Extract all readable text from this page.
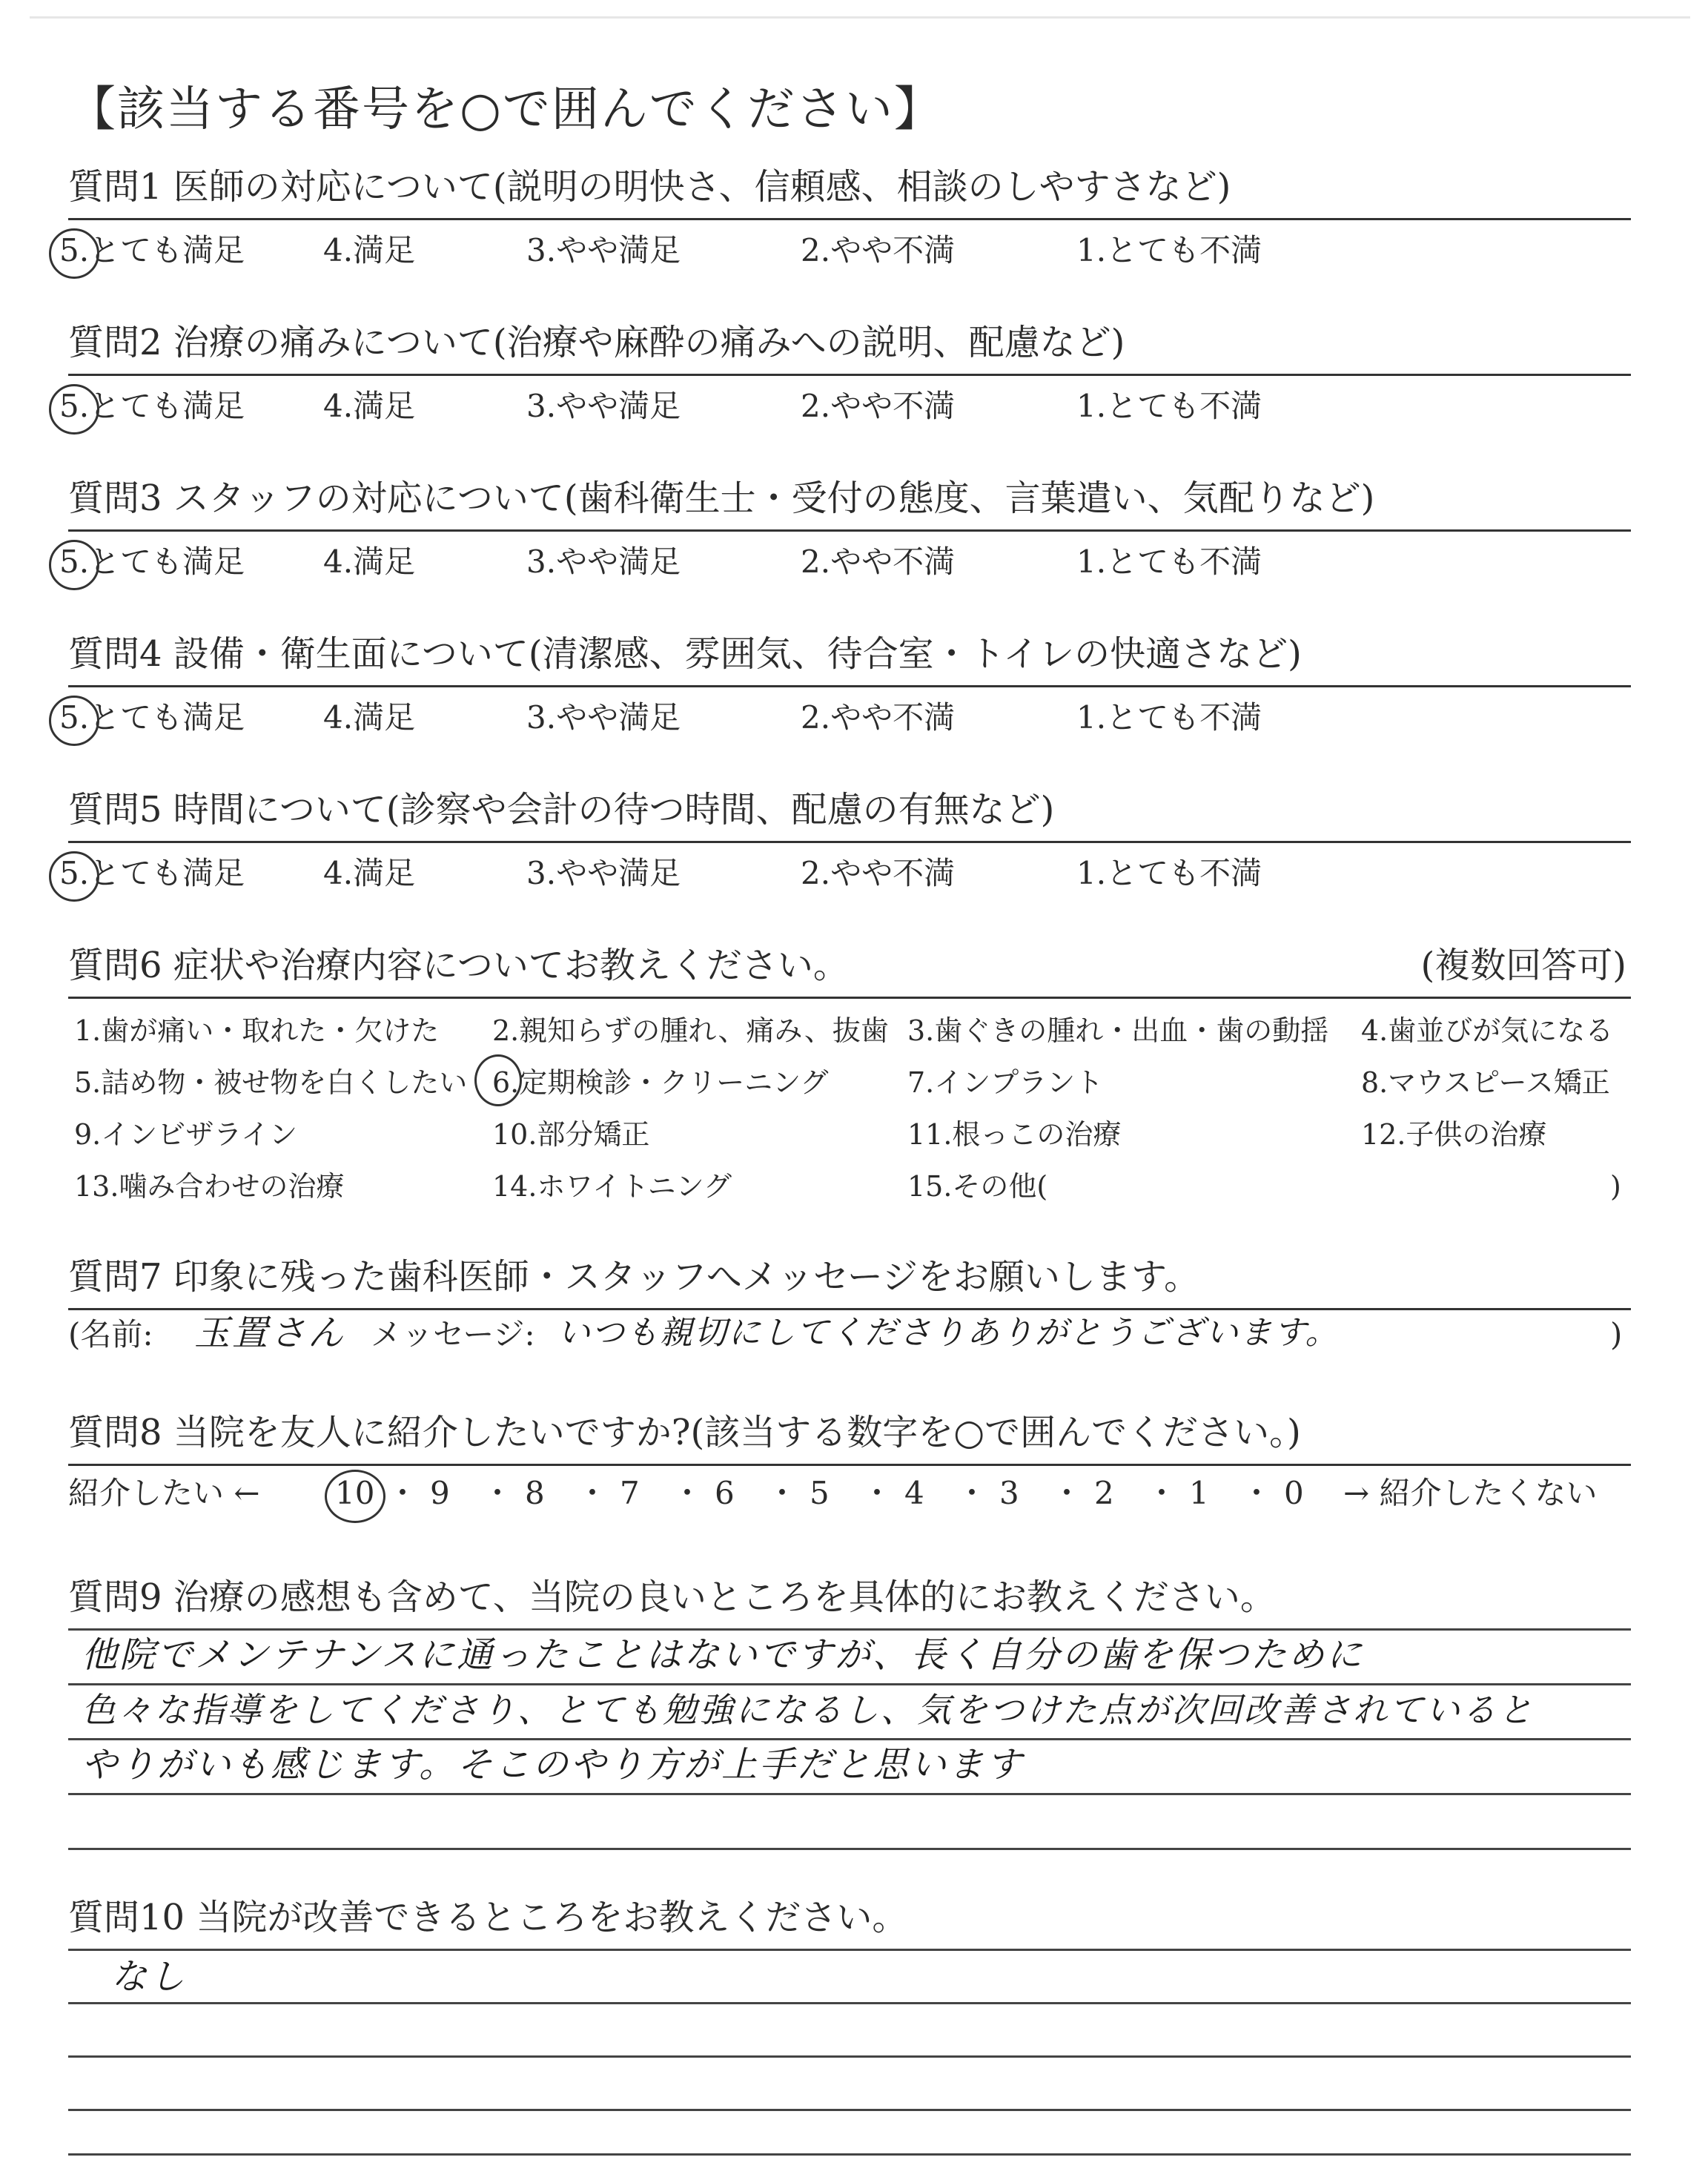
【該当する番号を○で囲んでください】
質問1 医師の対応について(説明の明快さ、信頼感、相談のしやすさなど)
5.とても満足	4.満足	3.やや満足	2.やや不満	1.とても不満
質問2 治療の痛みについて(治療や麻酔の痛みへの説明、配慮など)
5.とても満足	4.満足	3.やや満足	2.やや不満	1.とても不満
質問3 スタッフの対応について(歯科衛生士・受付の態度、言葉遣い、気配りなど)
5.とても満足	4.満足	3.やや満足	2.やや不満	1.とても不満
質問4 設備・衛生面について(清潔感、雰囲気、待合室・トイレの快適さなど)
5.とても満足	4.満足	3.やや満足	2.やや不満	1.とても不満
質問5 時間について(診察や会計の待つ時間、配慮の有無など)
5.とても満足	4.満足	3.やや満足	2.やや不満	1.とても不満
質問6 症状や治療内容についてお教えください。	(複数回答可)
1.歯が痛い・取れた・欠けた 2.親知らずの腫れ、痛み、抜歯 3.歯ぐきの腫れ・出血・歯の動揺 4.歯並びが気になる
5.詰め物・被せ物を白くしたい 6.定期検診・クリーニング	7.インプラント	8.マウスピース矯正
9.インビザライン	10.部分矯正	11.根っこの治療	12.子供の治療
13.噛み合わせの治療	14.ホワイトニング	15.その他(	)
質問7 印象に残った歯科医師・スタッフへメッセージをお願いします。
(名前: 玉置さん メッセージ: いつも親切にしてくださりありがとうございます。	)
質問8 当院を友人に紹介したいですか?(該当する数字を○で囲んでください。)
紹介したい ← 10 ・ 9 ・ 8 ・ 7 ・ 6 ・ 5 ・ 4 ・ 3 ・ 2 ・ 1 ・ 0 → 紹介したくない
質問9 治療の感想も含めて、当院の良いところを具体的にお教えください。
他院でメンテナンスに通ったことはないですが、長く自分の歯を保つために
色々な指導をしてくださり、とても勉強になるし、気をつけた点が次回改善されていると
やりがいも感じます。そこのやり方が上手だと思います
質問10 当院が改善できるところをお教えください。
なし
